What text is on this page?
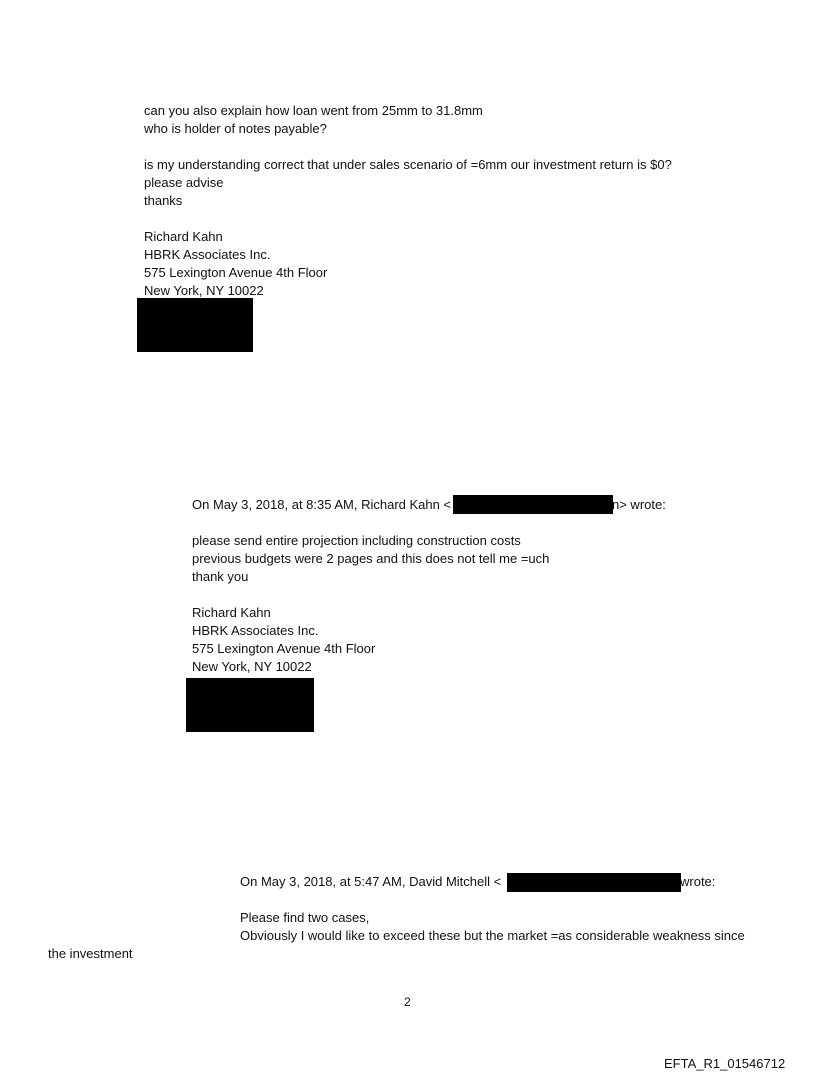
can you also explain how loan went from 25mm to 31.8mm
who is holder of notes payable?
is my understanding correct that under sales scenario of =6mm our investment return is $0?
please advise
thanks
Richard Kahn
HBRK Associates Inc.
575 Lexington Avenue 4th Floor
New York, NY 10022
On May 3, 2018, at 8:35 AM, Richard Kahn <	n> wrote:
please send entire projection including construction costs
previous budgets were 2 pages and this does not tell me =uch
thank you
Richard Kahn
HBRK Associates Inc.
575 Lexington Avenue 4th Floor
New York, NY 10022
On May 3, 2018, at 5:47 AM, David Mitchell <	wrote:
Please find two cases,
Obviously I would like to exceed these but the market =as considerable weakness since
the investment
2
EFTA_R1_01546712
